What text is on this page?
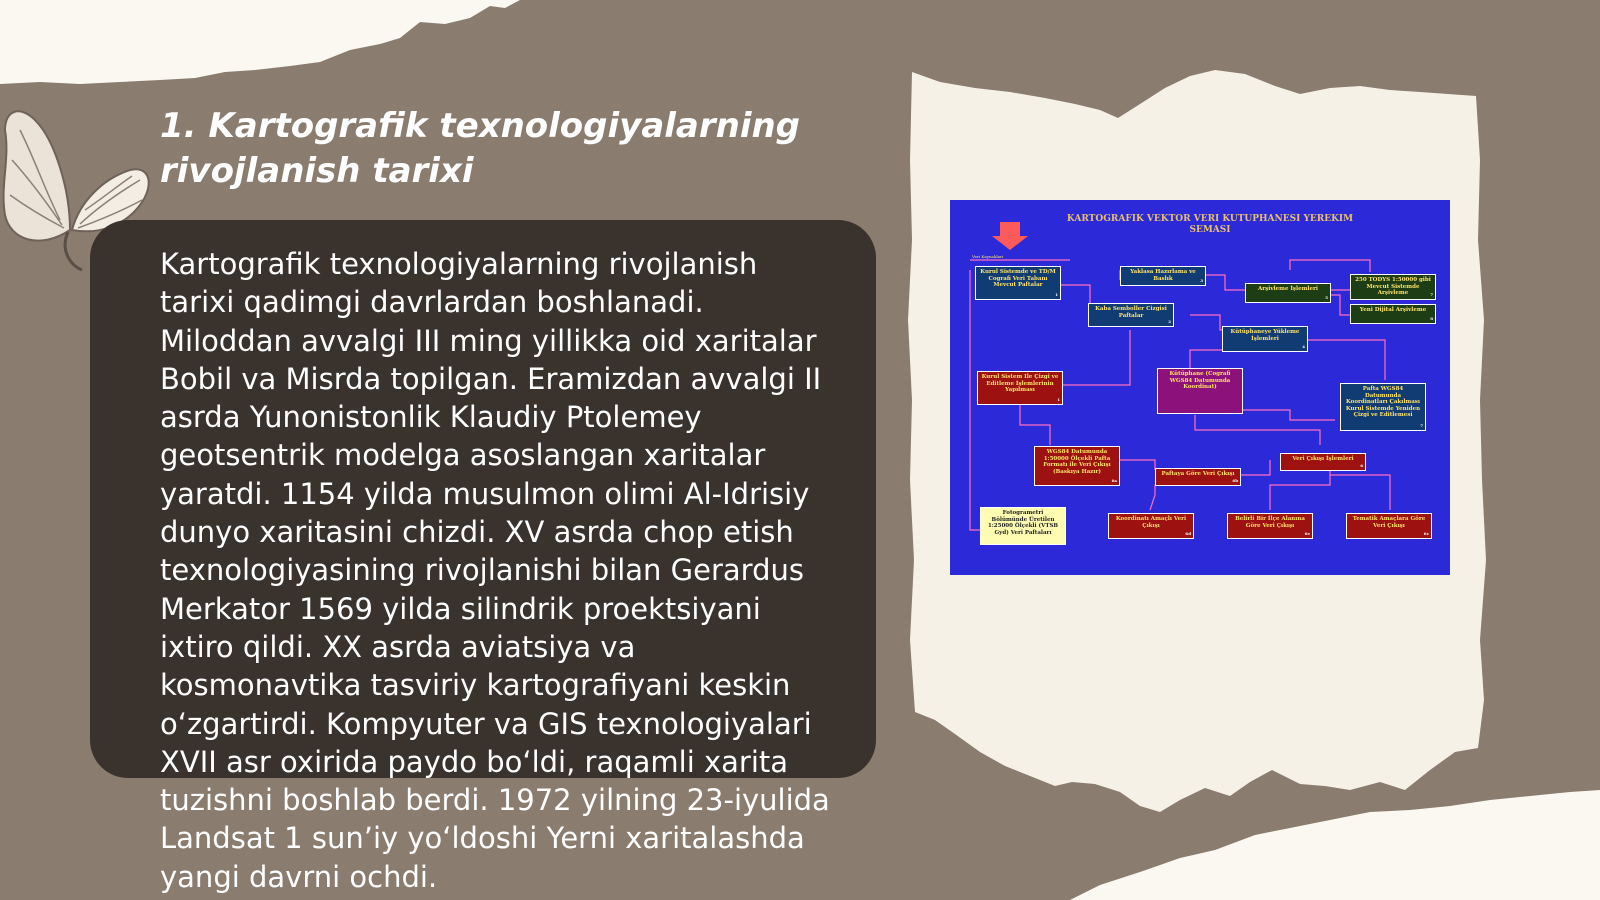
1. Kartografik texnologiyalarning rivojlanish tarixi

Kartografik texnologiyalarning rivojlanish tarixi qadimgi davrlardan boshlanadi. Miloddan avvalgi III ming yillikka oid xaritalar Bobil va Misrda topilgan. Eramizdan avvalgi II asrda Yunonistonlik Klaudiy Ptolemey geotsentrik modelga asoslangan xaritalar yaratdi. 1154 yilda musulmon olimi Al-Idrisiy dunyo xaritasini chizdi. XV asrda chop etish texnologiyasining rivojlanishi bilan Gerardus Merkator 1569 yilda silindrik proektsiyani ixtiro qildi. XX asrda aviatsiya va kosmonavtika tasviriy kartografiyani keskin o‘zgartirdi. Kompyuter va GIS texnologiyalari XVII asr oxirida paydo bo‘ldi, raqamli xarita tuzishni boshlab berdi. 1972 yilning 23-iyulida Landsat 1 sun’iy yo‘ldoshi Yerni xaritalashda yangi davrni ochdi.

KARTOGRAFIK VEKTOR VERI KUTUPHANESI YEREKIM SEMASI
Veri Kaynaklari
Kurul Sistemde ve TD/M Cografi Veri Tabanı Mevcut Paftalar
1
Yaklasa Hazırlama ve Baslık	3
Kaba Semboller Cizgisi Paftalar
2
Arşivleme İşlemleri
5
250 TODYS 1:50000 gibi Mevcut Sistemde Arşivleme	7
Yeni Dijital Arşivleme
8
Kütüphaneye Yükleme İşlemleri
4
Kurul Sistem Ile Çizgi ve Editleme İşlemlerinin Yapılması
1
Kütüphane (Cografi WGS84 Datumunda Koordinat)	Pafta WGS84 Datumunda Koordinatları Çakılması Kurul Sistemde Yeniden Çizgi ve Editlemesi
7
WGS84 Datumunda 1:50000 Ölçekli Pafta Formatı ile Veri Çıkışı (Baskıya Hazır)
6a
Paftaya Göre Veri Çıkışı
6b
Veri Çıkışı İşlemleri
6
Fotogrametri Bölümünde Üretilen 1:25000 Ölçekli (VTSB Gyd) Veri Paftaları
Koordinatı Amaçlı Veri Çıkışı
6d
Belirli Bir İlçe Alanına Göre Veri Çıkışı
6e
Tematik Amaçlara Göre Veri Çıkışı
6c
